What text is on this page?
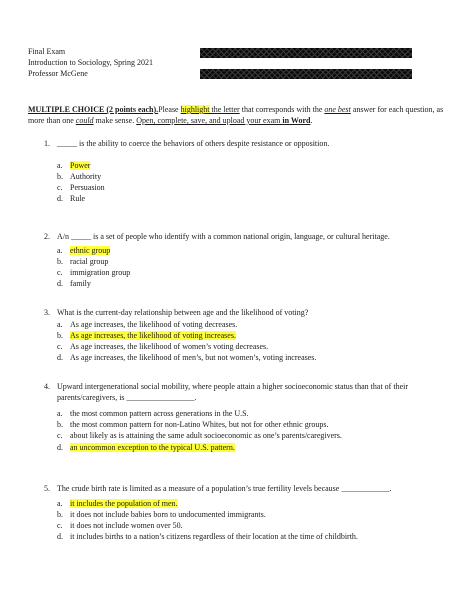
Final Exam
Introduction to Sociology, Spring 2021
Professor McGene
MULTIPLE CHOICE (2 points each).Please highlight the letter that corresponds with the one best answer for each question, as more than one could make sense. Open, complete, save, and upload your exam in Word.
1. _____ is the ability to coerce the behaviors of others despite resistance or opposition.
a. Power
b. Authority
c. Persuasion
d. Rule
2. A/n _____ is a set of people who identify with a common national origin, language, or cultural heritage.
a. ethnic group
b. racial group
c. immigration group
d. family
3. What is the current-day relationship between age and the likelihood of voting?
a. As age increases, the likelihood of voting decreases.
b. As age increases, the likelihood of voting increases.
c. As age increases, the likelihood of women’s voting decreases.
d. As age increases, the likelihood of men’s, but not women’s, voting increases.
4. Upward intergenerational social mobility, where people attain a higher socioeconomic status than that of their parents/caregivers, is _________________.
a. the most common pattern across generations in the U.S.
b. the most common pattern for non-Latino Whites, but not for other ethnic groups.
c. about likely as is attaining the same adult socioeconomic as one’s parents/caregivers.
d. an uncommon exception to the typical U.S. pattern.
5. The crude birth rate is limited as a measure of a population’s true fertility levels because ____________.
a. it includes the population of men.
b. it does not include babies born to undocumented immigrants.
c. it does not include women over 50.
d. it includes births to a nation’s citizens regardless of their location at the time of childbirth.
